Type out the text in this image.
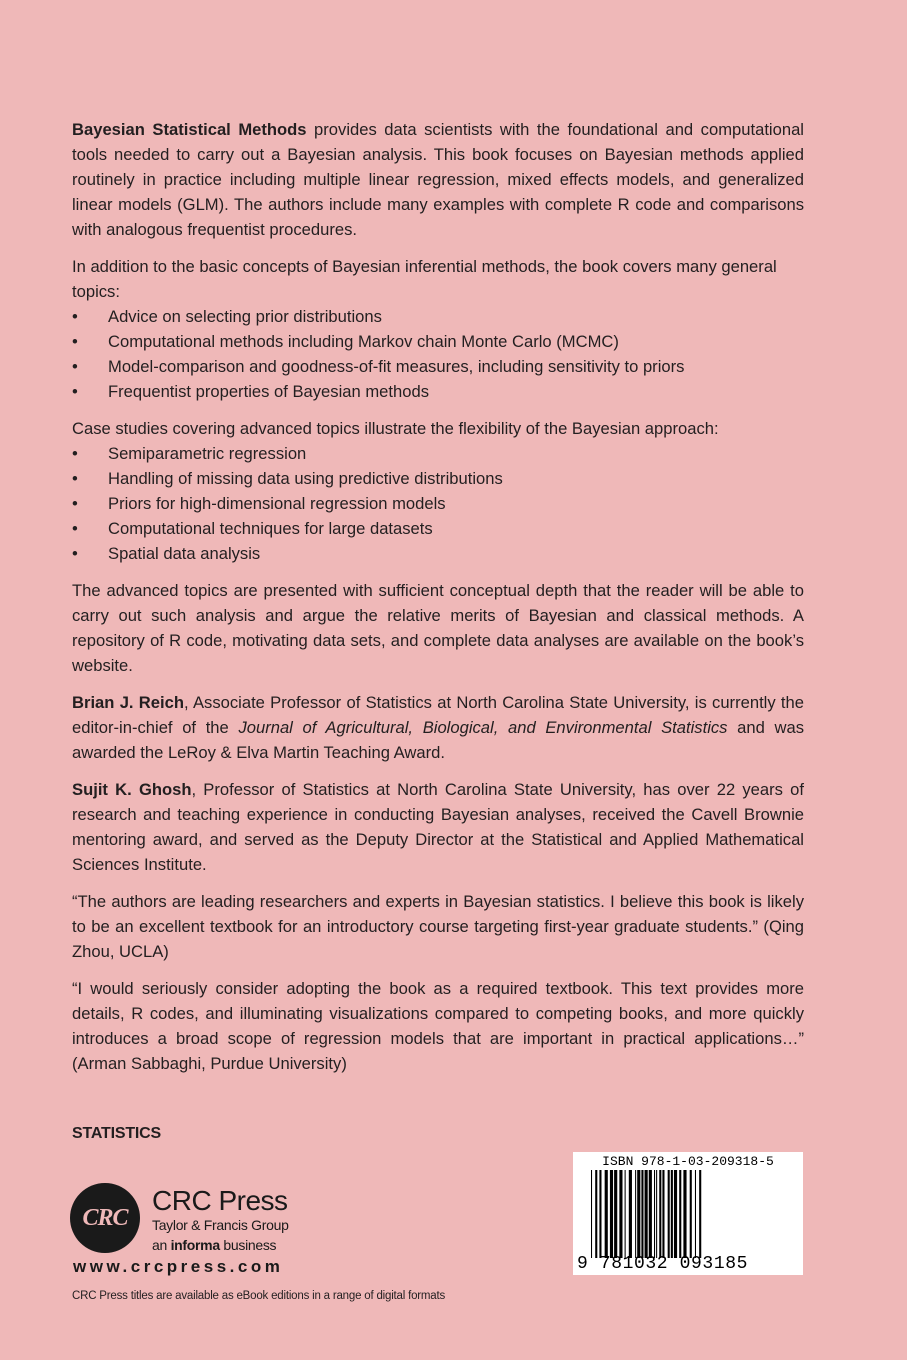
Bayesian Statistical Methods provides data scientists with the foundational and computational tools needed to carry out a Bayesian analysis. This book focuses on Bayesian methods applied routinely in practice including multiple linear regression, mixed effects models, and generalized linear models (GLM). The authors include many examples with complete R code and comparisons with analogous frequentist procedures.

In addition to the basic concepts of Bayesian inferential methods, the book covers many general topics:

• Advice on selecting prior distributions
• Computational methods including Markov chain Monte Carlo (MCMC)
• Model-comparison and goodness-of-fit measures, including sensitivity to priors
• Frequentist properties of Bayesian methods

Case studies covering advanced topics illustrate the flexibility of the Bayesian approach:

• Semiparametric regression
• Handling of missing data using predictive distributions
• Priors for high-dimensional regression models
• Computational techniques for large datasets
• Spatial data analysis

The advanced topics are presented with sufficient conceptual depth that the reader will be able to carry out such analysis and argue the relative merits of Bayesian and classical methods. A repository of R code, motivating data sets, and complete data analyses are available on the book’s website.

Brian J. Reich, Associate Professor of Statistics at North Carolina State University, is currently the editor-in-chief of the Journal of Agricultural, Biological, and Environmental Statistics and was awarded the LeRoy & Elva Martin Teaching Award.

Sujit K. Ghosh, Professor of Statistics at North Carolina State University, has over 22 years of research and teaching experience in conducting Bayesian analyses, received the Cavell Brownie mentoring award, and served as the Deputy Director at the Statistical and Applied Mathematical Sciences Institute.

“The authors are leading researchers and experts in Bayesian statistics. I believe this book is likely to be an excellent textbook for an introductory course targeting first-year graduate students.” (Qing Zhou, UCLA)

“I would seriously consider adopting the book as a required textbook. This text provides more details, R codes, and illuminating visualizations compared to competing books, and more quickly introduces a broad scope of regression models that are important in practical applications…” (Arman Sabbaghi, Purdue University)

STATISTICS
CRC
CRC Press
Taylor & Francis Group
an informa business
www.crcpress.com
CRC Press titles are available as eBook editions in a range of digital formats
ISBN 978-1-03-209318-5
9 781032 093185
